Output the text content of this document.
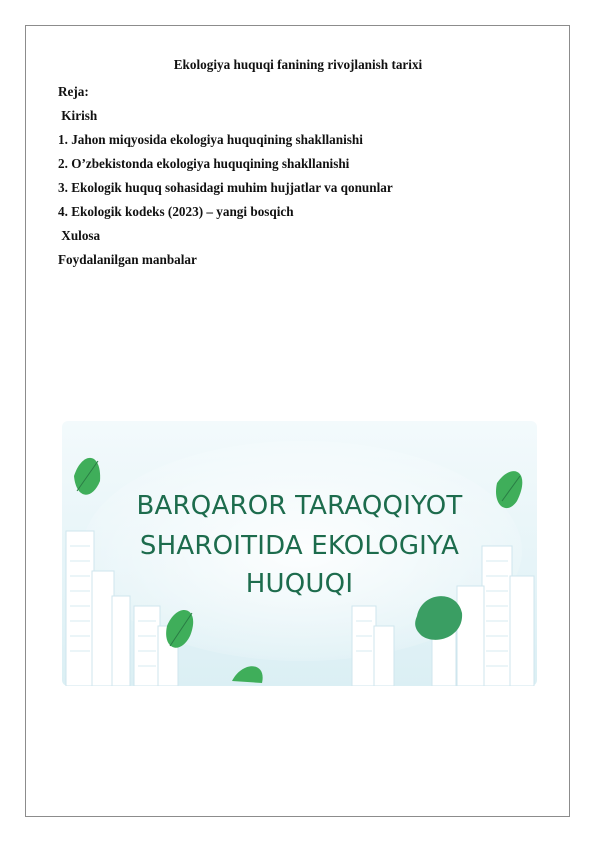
Ekologiya huquqi fanining rivojlanish tarixi
Reja:
Kirish
1. Jahon miqyosida ekologiya huquqining shakllanishi
2. O’zbekistonda ekologiya huquqining shakllanishi
3. Ekologik huquq sohasidagi muhim hujjatlar va qonunlar
4. Ekologik kodeks (2023) – yangi bosqich
Xulosa
Foydalanilgan manbalar
BARQAROR TARAQQIYOT
SHAROITIDA EKOLOGIYA
HUQUQI
